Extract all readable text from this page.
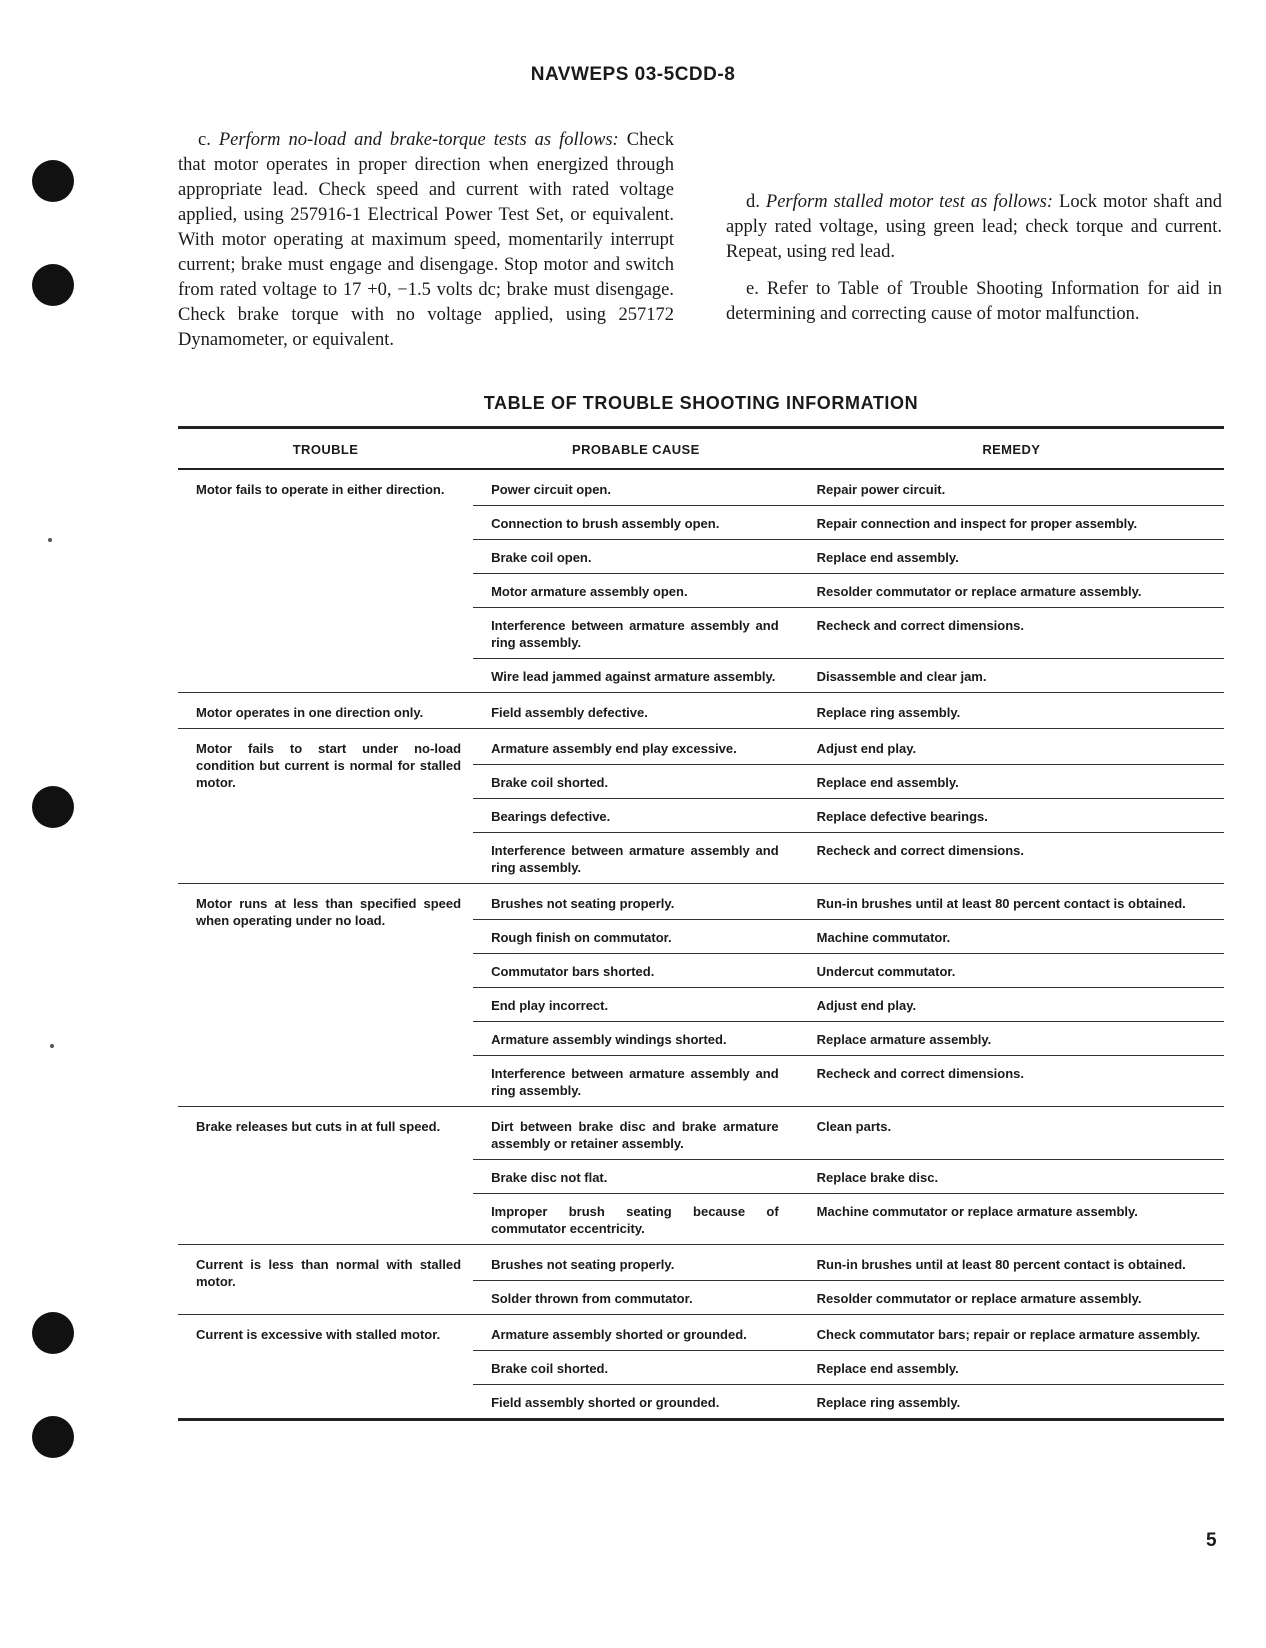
NAVWEPS 03-5CDD-8

c. Perform no-load and brake-torque tests as follows: Check that motor operates in proper direction when energized through appropriate lead. Check speed and current with rated voltage applied, using 257916-1 Electrical Power Test Set, or equivalent. With motor operating at maximum speed, momentarily interrupt current; brake must engage and disengage. Stop motor and switch from rated voltage to 17 +0, −1.5 volts dc; brake must disengage. Check brake torque with no voltage applied, using 257172 Dynamometer, or equivalent.

d. Perform stalled motor test as follows: Lock motor shaft and apply rated voltage, using green lead; check torque and current. Repeat, using red lead.

e. Refer to Table of Trouble Shooting Information for aid in determining and correcting cause of motor malfunction.

TABLE OF TROUBLE SHOOTING INFORMATION
TROUBLE	PROBABLE CAUSE	REMEDY
Motor fails to operate in either direction.	Power circuit open.	Repair power circuit.
	Connection to brush assembly open.	Repair connection and inspect for proper assembly.
	Brake coil open.	Replace end assembly.
	Motor armature assembly open.	Resolder commutator or replace armature assembly.
	Interference between armature assembly and ring assembly.	Recheck and correct dimensions.
	Wire lead jammed against armature assembly.	Disassemble and clear jam.

Motor operates in one direction only.	Field assembly defective.	Replace ring assembly.

Motor fails to start under no-load condition but current is normal for stalled motor.	Armature assembly end play excessive.	Adjust end play.
	Brake coil shorted.	Replace end assembly.
	Bearings defective.	Replace defective bearings.
	Interference between armature assembly and ring assembly.	Recheck and correct dimensions.

Motor runs at less than specified speed when operating under no load.	Brushes not seating properly.	Run-in brushes until at least 80 percent contact is obtained.
	Rough finish on commutator.	Machine commutator.
	Commutator bars shorted.	Undercut commutator.
	End play incorrect.	Adjust end play.
	Armature assembly windings shorted.	Replace armature assembly.
	Interference between armature assembly and ring assembly.	Recheck and correct dimensions.

Brake releases but cuts in at full speed.	Dirt between brake disc and brake armature assembly or retainer assembly.	Clean parts.
	Brake disc not flat.	Replace brake disc.
	Improper brush seating because of commutator eccentricity.	Machine commutator or replace armature assembly.

Current is less than normal with stalled motor.	Brushes not seating properly.	Run-in brushes until at least 80 percent contact is obtained.
	Solder thrown from commutator.	Resolder commutator or replace armature assembly.

Current is excessive with stalled motor.	Armature assembly shorted or grounded.	Check commutator bars; repair or replace armature assembly.
	Brake coil shorted.	Replace end assembly.
	Field assembly shorted or grounded.	Replace ring assembly.
5
